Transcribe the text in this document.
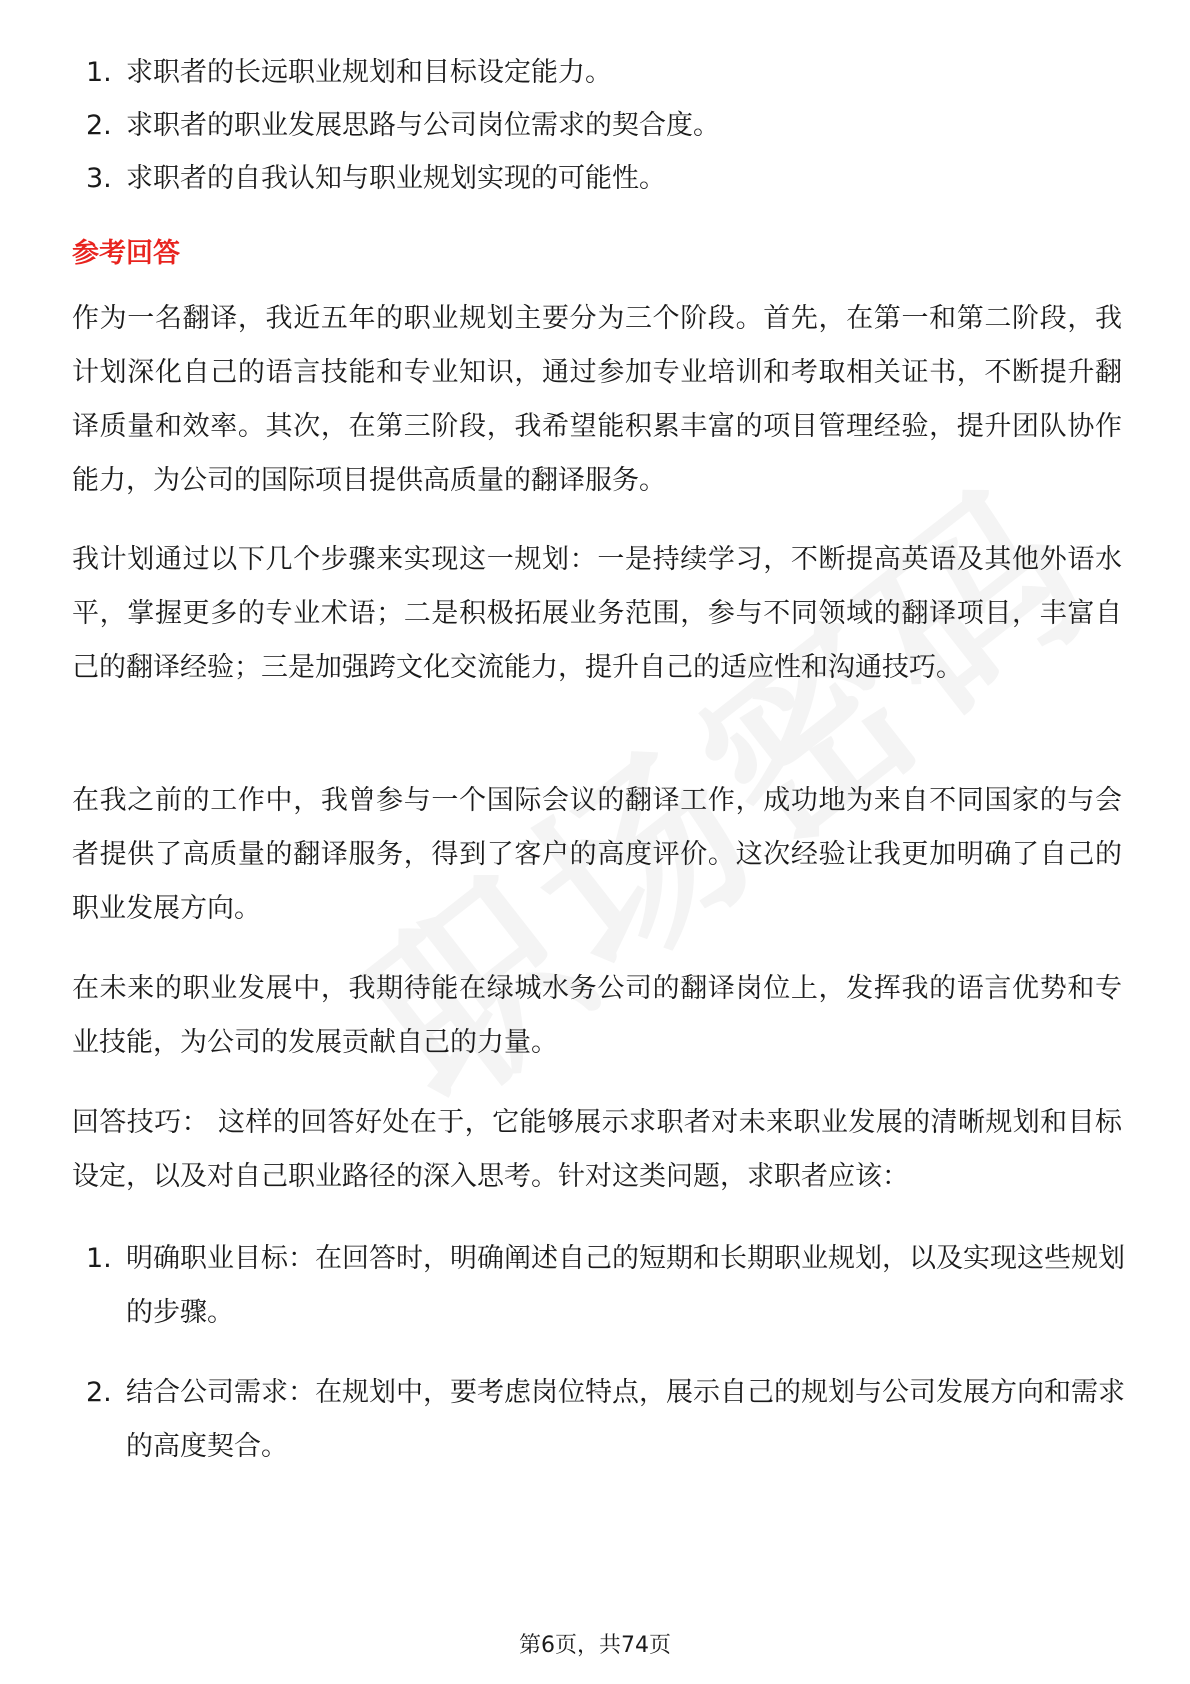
1. 求职者的长远职业规划和目标设定能力。
2. 求职者的职业发展思路与公司岗位需求的契合度。
3. 求职者的自我认知与职业规划实现的可能性。
参考回答

作为一名翻译，我近五年的职业规划主要分为三个阶段。首先，在第一和第二阶段，我计划深化自己的语言技能和专业知识，通过参加专业培训和考取相关证书，不断提升翻译质量和效率。其次，在第三阶段，我希望能积累丰富的项目管理经验，提升团队协作能力，为公司的国际项目提供高质量的翻译服务。

我计划通过以下几个步骤来实现这一规划：一是持续学习，不断提高英语及其他外语水平，掌握更多的专业术语；二是积极拓展业务范围，参与不同领域的翻译项目，丰富自己的翻译经验；三是加强跨文化交流能力，提升自己的适应性和沟通技巧。

在我之前的工作中，我曾参与一个国际会议的翻译工作，成功地为来自不同国家的与会者提供了高质量的翻译服务，得到了客户的高度评价。这次经验让我更加明确了自己的职业发展方向。

在未来的职业发展中，我期待能在绿城水务公司的翻译岗位上，发挥我的语言优势和专业技能，为公司的发展贡献自己的力量。

回答技巧： 这样的回答好处在于，它能够展示求职者对未来职业发展的清晰规划和目标设定，以及对自己职业路径的深入思考。针对这类问题，求职者应该：

1. 明确职业目标：在回答时，明确阐述自己的短期和长期职业规划，以及实现这些规划的步骤。
2. 结合公司需求：在规划中，要考虑岗位特点，展示自己的规划与公司发展方向和需求的高度契合。
第6页，共74页
